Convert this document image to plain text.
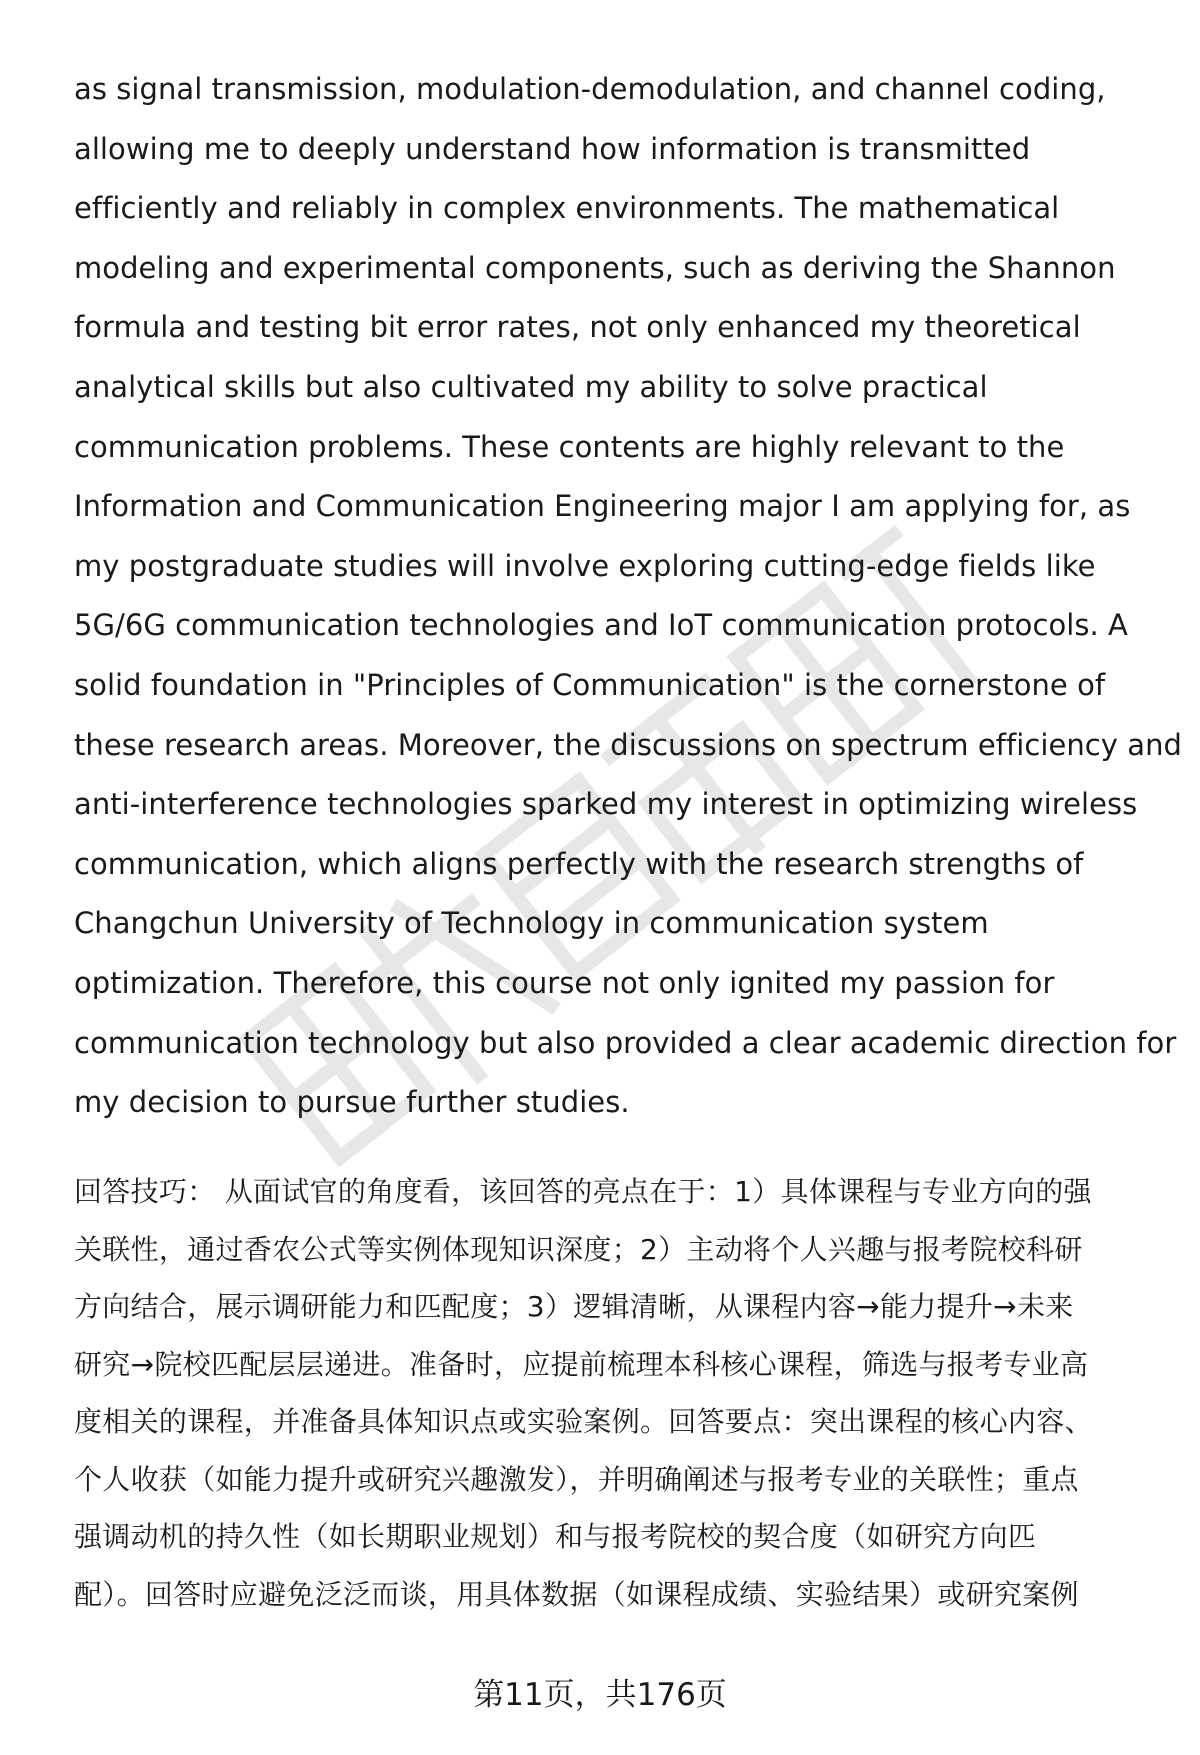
as signal transmission, modulation-demodulation, and channel coding,
allowing me to deeply understand how information is transmitted
efficiently and reliably in complex environments. The mathematical
modeling and experimental components, such as deriving the Shannon
formula and testing bit error rates, not only enhanced my theoretical
analytical skills but also cultivated my ability to solve practical
communication problems. These contents are highly relevant to the
Information and Communication Engineering major I am applying for, as
my postgraduate studies will involve exploring cutting-edge fields like
5G/6G communication technologies and IoT communication protocols. A
solid foundation in "Principles of Communication" is the cornerstone of
these research areas. Moreover, the discussions on spectrum efficiency and
anti-interference technologies sparked my interest in optimizing wireless
communication, which aligns perfectly with the research strengths of
Changchun University of Technology in communication system
optimization. Therefore, this course not only ignited my passion for
communication technology but also provided a clear academic direction for
my decision to pursue further studies.
回答技巧： 从面试官的角度看，该回答的亮点在于：1）具体课程与专业方向的强
关联性，通过香农公式等实例体现知识深度；2）主动将个人兴趣与报考院校科研
方向结合，展示调研能力和匹配度；3）逻辑清晰，从课程内容→能力提升→未来
研究→院校匹配层层递进。准备时，应提前梳理本科核心课程，筛选与报考专业高
度相关的课程，并准备具体知识点或实验案例。回答要点：突出课程的核心内容、
个人收获（如能力提升或研究兴趣激发），并明确阐述与报考专业的关联性；重点
强调动机的持久性（如长期职业规划）和与报考院校的契合度（如研究方向匹
配）。回答时应避免泛泛而谈，用具体数据（如课程成绩、实验结果）或研究案例
第11页，共176页
